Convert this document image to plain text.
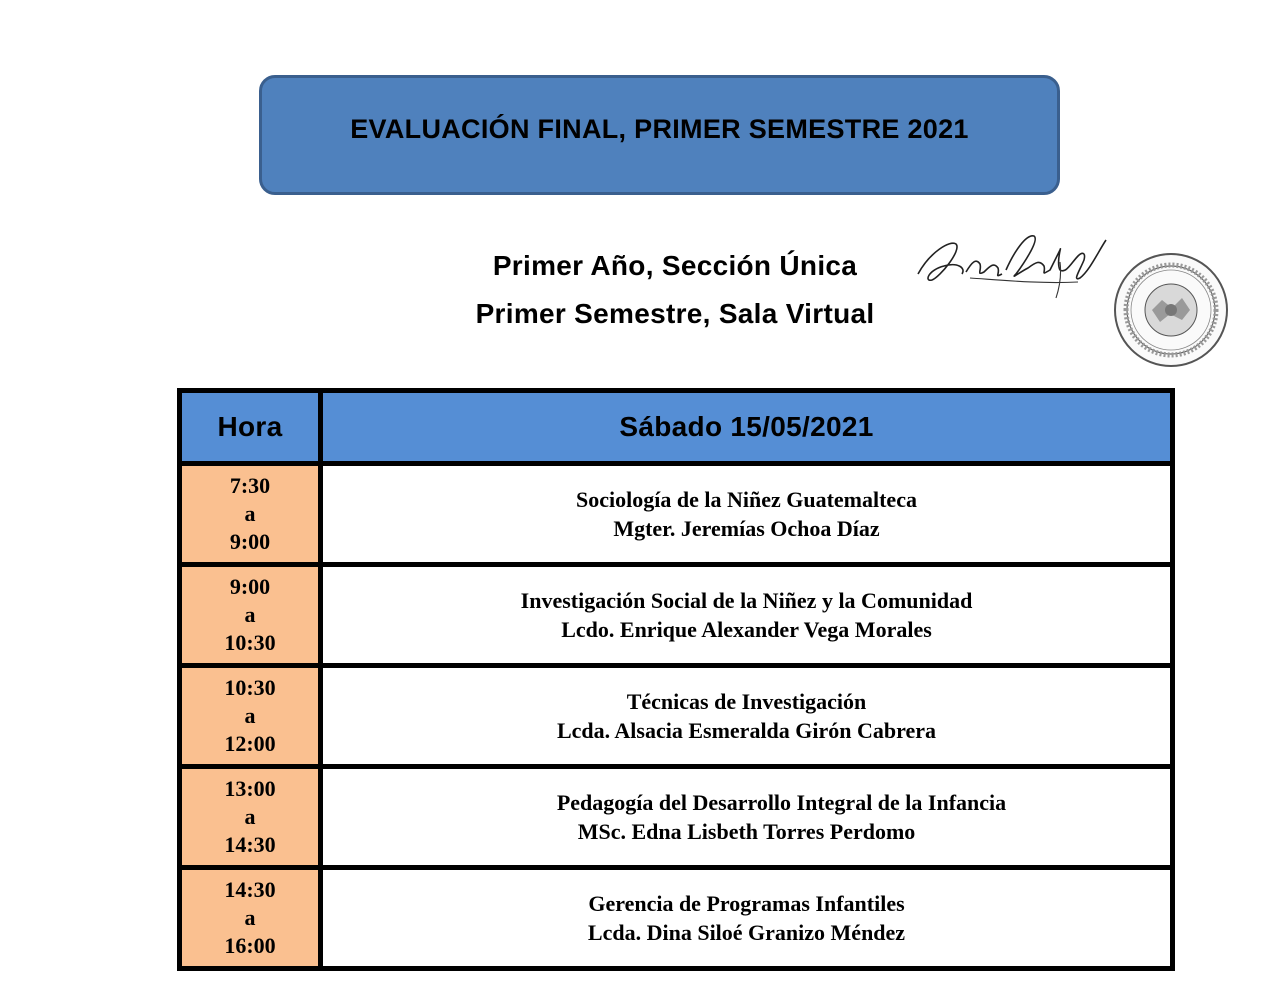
EVALUACIÓN FINAL, PRIMER SEMESTRE 2021
Primer Año, Sección Única
Primer Semestre, Sala Virtual
Hora	Sábado 15/05/2021
7:30
a
9:00	Sociología de la Niñez Guatemalteca
Mgter. Jeremías Ochoa Díaz

9:00
a
10:30	Investigación Social de la Niñez y la Comunidad
Lcdo. Enrique Alexander Vega Morales

10:30
a
12:00	Técnicas de Investigación
Lcda. Alsacia Esmeralda Girón Cabrera

13:00
a
14:30	Pedagogía del Desarrollo Integral de la Infancia
MSc. Edna Lisbeth Torres Perdomo

14:30
a
16:00	Gerencia de Programas Infantiles
Lcda. Dina Siloé Granizo Méndez
